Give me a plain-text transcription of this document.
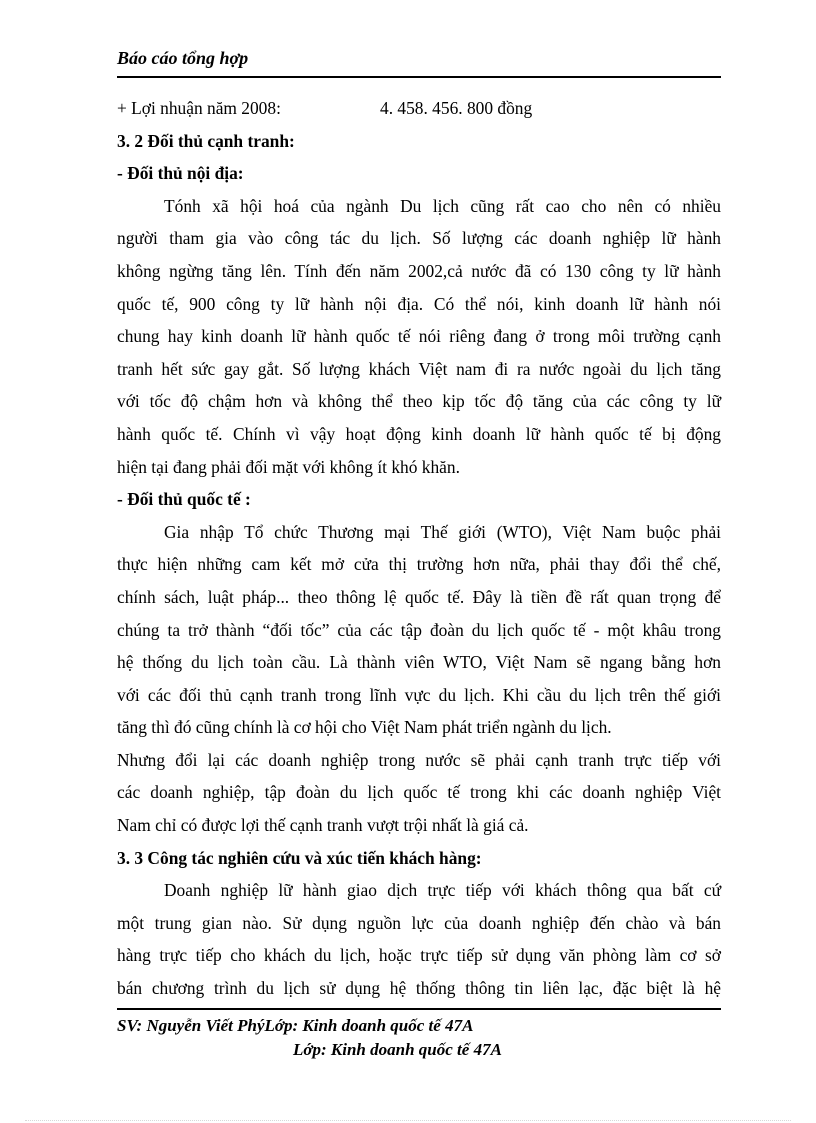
Báo cáo tổng hợp
+ Lợi nhuận năm 2008:	4. 458. 456. 800 đồng
3. 2 Đối thủ cạnh tranh:
- Đối thủ nội địa:
Tónh xã hội hoá của ngành Du lịch cũng rất cao cho nên có nhiều
người tham gia vào công tác du lịch. Số lượng các doanh nghiệp lữ hành
không ngừng tăng lên. Tính đến năm 2002,cả nước đã có 130 công ty lữ hành
quốc tế, 900 công ty lữ hành nội địa. Có thể nói, kinh doanh lữ hành nói
chung hay kinh doanh lữ hành quốc tế nói riêng đang ở trong môi trường cạnh
tranh hết sức gay gắt. Số lượng khách Việt nam đi ra nước ngoài du lịch tăng
với tốc độ chậm hơn và không thể theo kịp tốc độ tăng của các công ty lữ
hành quốc tế. Chính vì vậy hoạt động kinh doanh lữ hành quốc tế bị động
hiện tại đang phải đối mặt với không ít khó khăn.
- Đối thủ quốc tế :
Gia nhập Tổ chức Thương mại Thế giới (WTO), Việt Nam buộc phải
thực hiện những cam kết mở cửa thị trường hơn nữa, phải thay đổi thể chế,
chính sách, luật pháp... theo thông lệ quốc tế. Đây là tiền đề rất quan trọng để
chúng ta trở thành “đối tốc” của các tập đoàn du lịch quốc tế - một khâu trong
hệ thống du lịch toàn cầu. Là thành viên WTO, Việt Nam sẽ ngang bằng hơn
với các đối thủ cạnh tranh trong lĩnh vực du lịch. Khi cầu du lịch trên thế giới
tăng thì đó cũng chính là cơ hội cho Việt Nam phát triển ngành du lịch.
Nhưng đổi lại các doanh nghiệp trong nước sẽ phải cạnh tranh trực tiếp với
các doanh nghiệp, tập đoàn du lịch quốc tế trong khi các doanh nghiệp Việt
Nam chỉ có được lợi thế cạnh tranh vượt trội nhất là giá cả.
3. 3 Công tác nghiên cứu và xúc tiến khách hàng:
Doanh nghiệp lữ hành giao dịch trực tiếp với khách thông qua bất cứ
một trung gian nào. Sử dụng nguồn lực của doanh nghiệp đến chào và bán
hàng trực tiếp cho khách du lịch, hoặc trực tiếp sử dụng văn phòng làm cơ sở
bán chương trình du lịch sử dụng hệ thống thông tin liên lạc, đặc biệt là hệ
SV: Nguyễn Viết PhýLớp: Kinh doanh quốc tế 47A
Lớp: Kinh doanh quốc tế 47A
